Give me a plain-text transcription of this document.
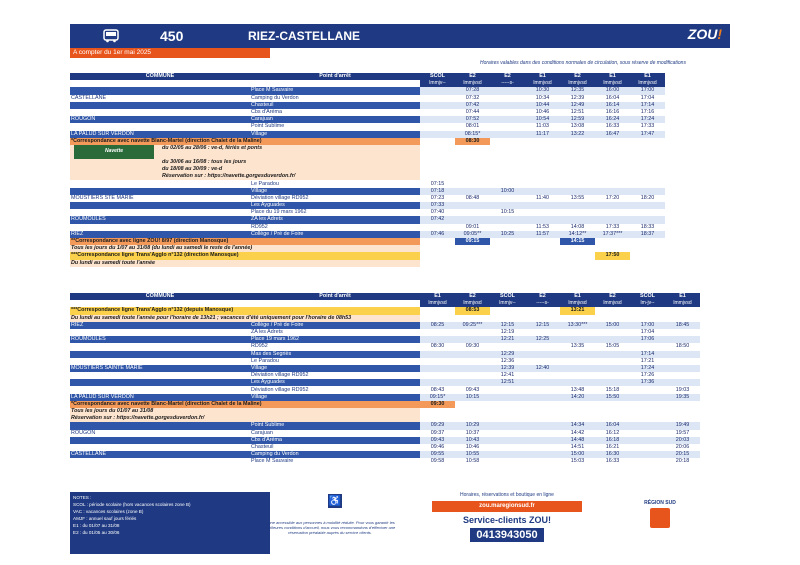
450	RIEZ-CASTELLANE	ZOU!
A compter du 1er mai 2025
Horaires valables dans des conditions normales de circulation, sous réserve de modifications
COMMUNE	Point d'arrêt	SCOL	E2	E2	E1	E2	E1	E1
		lmmjv--	lmmjvsd	-----s-	lmmjvsd	lmmjvsd	lmmjvsd	lmmjvsd
	Place M Sauvaire		07:28		10:30	12:35	16:00	17:00
CASTELLANE	Camping du Verdon		07:32		10:34	12:39	16:04	17:04
	Chasteuil		07:42		10:44	12:49	16:14	17:14
	Cbs d'Aréma		07:44		10:46	12:51	16:16	17:16
ROUGON	Carajuan		07:52		10:54	12:59	16:24	17:24
	Point Sublime		08:01		11:03	13:08	16:33	17:33
LA PALUD SUR VERDON	Village		08:15*		11:17	13:22	16:47	17:47
*Correspondance avec navette Blanc-Martel (direction Chalet de la Maline)			08:30					
Navettedu 02/05 au 28/06 : ve-d, fériés et ponts								
du 30/06 au 16/08 : tous les jours								
du 18/08 au 30/09 : ve-d								
Réservation sur : https://navette.gorgesduverdon.fr/								
	Le Paradou	07:15						
	Village	07:18		10:00				
MOUSTIERS STE MARIE	Déviation village RD952	07:23	08:48		11:40	13:55	17:20	18:20
	Les Ayguades	07:33						
	Place du 19 mars 1962	07:40		10:15				
ROUMOULES	ZA les Adrets	07:42						
	RD952		09:01		11:53	14:08	17:33	18:33
RIEZ	Collège / Pré de Foire	07:46	09:05**	10:25	11:57	14:12**	17:37***	18:37
**Correspondance avec ligne ZOU! 8/97 (direction Manosque)			09:15			14:15		
Tous les jours du 1/07 au 31/08 (du lundi au samedi le reste de l'année)								
***Correspondance ligne Trans'Agglo n°132 (direction Manosque)							17:50	
Du lundi au samedi toute l'année								
COMMUNE	Point d'arrêt	E1	E2	SCOL	E2	E1	E2	SCOL	E1
		lmmjvsd	lmmjvsd	lmmjv--	-----s-	lmmjvsd	lmmjvsd	lm-jv--	lmmjvsd
***Correspondance ligne Trans'Agglo n°132 (depuis Manosque)			08:53			13:21			
Du lundi au samedi toute l'année pour l'horaire de 13h21 ; vacances d'été uniquement pour l'horaire de 08h53									
RIEZ	Collège / Pré de Foire	08:25	09:25***	12:15	12:15	13:30***	15:00	17:00	18:45
	ZA les Adrets			12:19				17:04	
ROUMOULES	Place 19 mars 1962			12:21	12:25			17:06	
	RD952	08:30	09:30			13:35	15:05		18:50
	Mas des Segriès			12:29				17:14	
	Le Paradou			12:36				17:21	
MOUSTIERS SAINTE MARIE	Village			12:39	12:40			17:24	
	Déviation village RD952			12:41				17:26	
	Les Ayguades			12:51				17:36	
	Déviation village RD952	08:43	09:43			13:48	15:18		19:03
LA PALUD SUR VERDON	Village	09:15*	10:15			14:20	15:50		19:35
*Correspondance avec navette Blanc-Martel (direction Chalet de la Maline)		09:30							
Tous les jours du 01/07 au 31/08									
Réservation sur : https://navette.gorgesduverdon.fr/									
	Point Sublime	09:29	10:29			14:34	16:04		19:49
ROUGON	Carajuan	09:37	10:37			14:42	16:12		19:57
	Cbs d'Aréma	09:43	10:43			14:48	16:18		20:03
	Chasteuil	09:46	10:46			14:51	16:21		20:06
CASTELLANE	Camping du Verdon	09:55	10:55			15:00	16:30		20:15
	Place M Sauvaire	09:58	10:58			15:03	16:33		20:18
NOTES :
SCOL : période scolaire (hors vacances scolaires zone B)
VAC : vacances scolaires (zone B)
AMJF : annuel sauf jours fériés
E1 : du 01/07 au 31/08
E2 : du 01/05 au 30/06
♿
Ligne accessible aux personnes à mobilité réduite. Pour vous garantir les meilleures conditions d'accueil, nous vous recommandons d'effectuer une réservation préalable auprès du service clients.
Horaires, réservations et boutique en ligne
zou.maregionsud.fr
Service-clients ZOU!
0413943050
RÉGION SUD
